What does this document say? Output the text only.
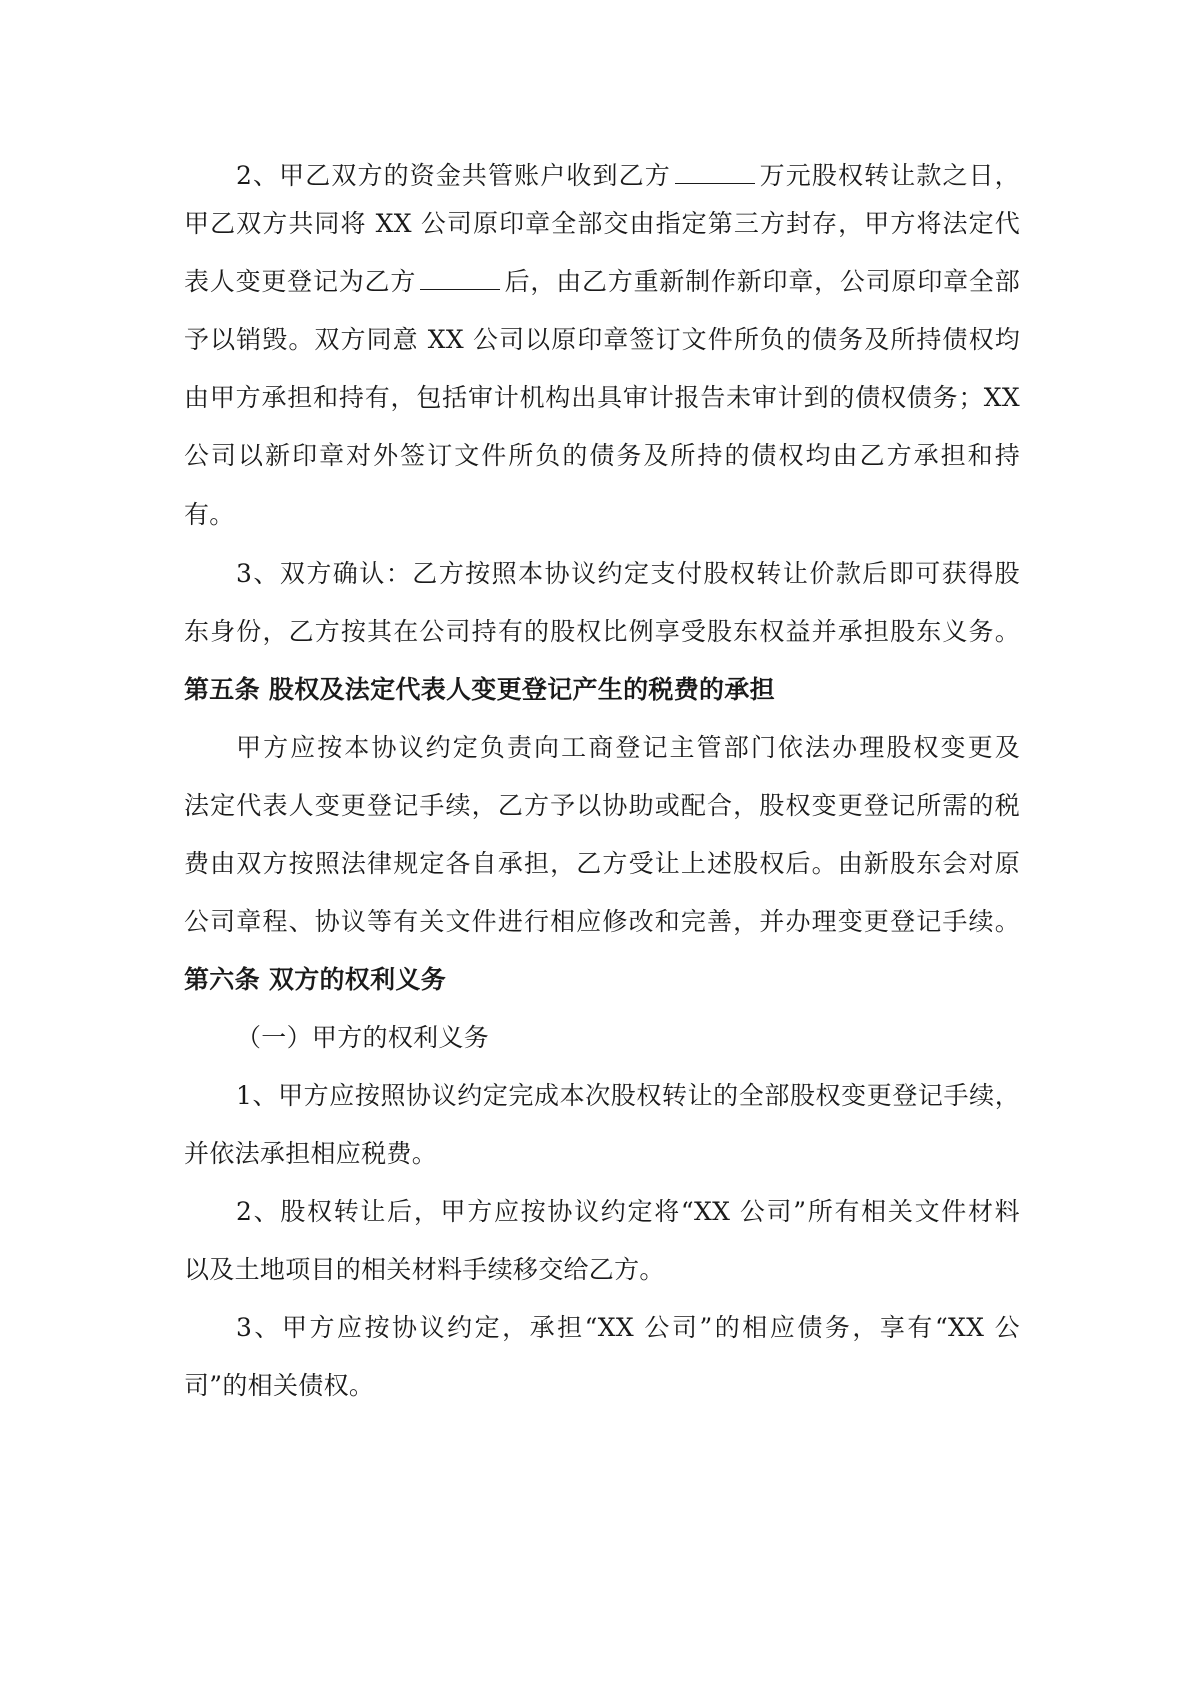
2、甲乙双方的资金共管账户收到乙方	万元股权转让款之日，
甲乙双方共同将 XX 公司原印章全部交由指定第三方封存，甲方将法定代
表人变更登记为乙方	后，由乙方重新制作新印章，公司原印章全部
予以销毁。双方同意 XX 公司以原印章签订文件所负的债务及所持债权均
由甲方承担和持有，包括审计机构出具审计报告未审计到的债权债务；XX
公司以新印章对外签订文件所负的债务及所持的债权均由乙方承担和持
有。
3、双方确认：乙方按照本协议约定支付股权转让价款后即可获得股
东身份，乙方按其在公司持有的股权比例享受股东权益并承担股东义务。
第五条 股权及法定代表人变更登记产生的税费的承担
甲方应按本协议约定负责向工商登记主管部门依法办理股权变更及
法定代表人变更登记手续，乙方予以协助或配合，股权变更登记所需的税
费由双方按照法律规定各自承担，乙方受让上述股权后。由新股东会对原
公司章程、协议等有关文件进行相应修改和完善，并办理变更登记手续。
第六条 双方的权利义务
（一）甲方的权利义务
1、甲方应按照协议约定完成本次股权转让的全部股权变更登记手续，
并依法承担相应税费。
2、股权转让后，甲方应按协议约定将“XX 公司”所有相关文件材料
以及土地项目的相关材料手续移交给乙方。
3、甲方应按协议约定，承担“XX 公司”的相应债务，享有“XX 公
司”的相关债权。
